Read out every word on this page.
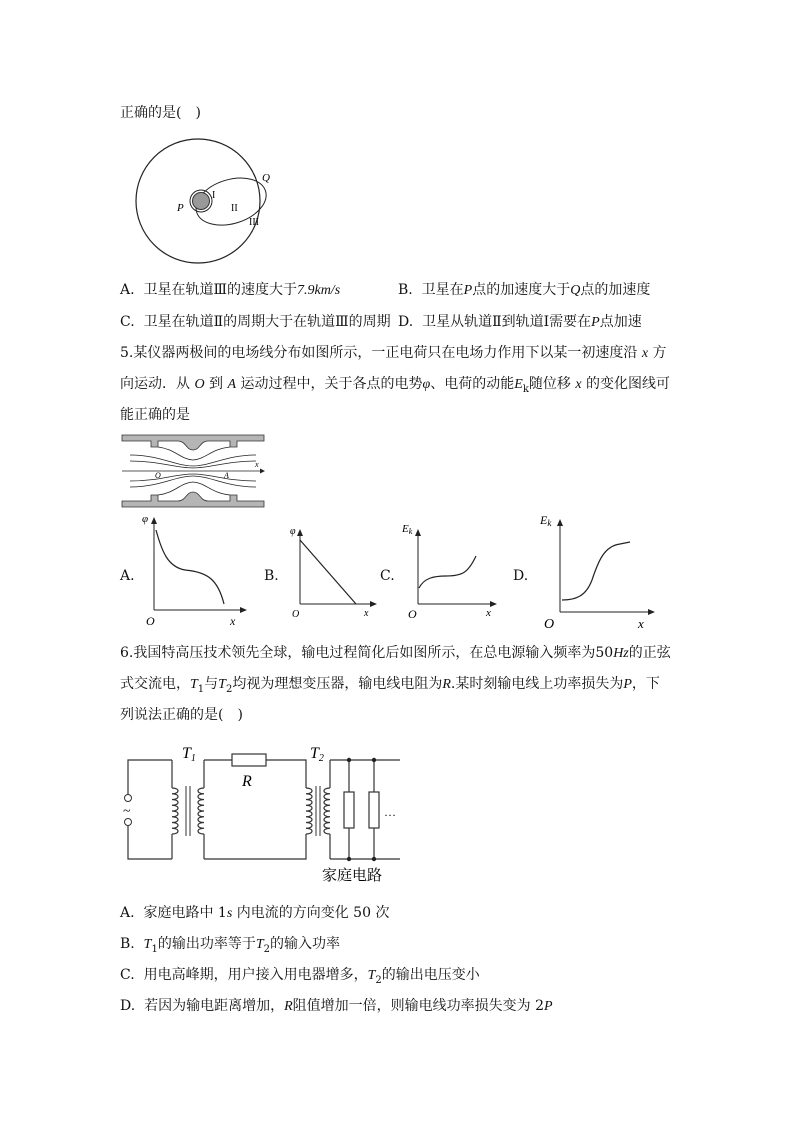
正确的是(　)
P
Q
I
II
III
A. 卫星在轨道Ⅲ的速度大于7.9km/s	B. 卫星在P点的加速度大于Q点的加速度
C. 卫星在轨道Ⅱ的周期大于在轨道Ⅲ的周期 D. 卫星从轨道Ⅱ到轨道Ⅰ需要在P点加速
5.某仪器两极间的电场线分布如图所示，一正电荷只在电场力作用下以某一初速度沿 x 方
向运动．从 O 到 A 运动过程中，关于各点的电势φ、电荷的动能$E_k$随位移 x 的变化图线可
能正确的是
O	A
x
A.
φ
O	x
B.
φ
O	x
C.
Ek
O	x
D.
Ek
O	x
6.我国特高压技术领先全球，输电过程简化后如图所示，在总电源输入频率为50Hz的正弦
式交流电，$T_1$与$T_2$均视为理想变压器，输电线电阻为R.某时刻输电线上功率损失为P，下
列说法正确的是(　)
~
T1	T2
R
…
家庭电路
A. 家庭电路中 1s 内电流的方向变化 50 次
B. $T_1$的输出功率等于$T_2$的输入功率
C. 用电高峰期，用户接入用电器增多，$T_2$的输出电压变小
D. 若因为输电距离增加，R阻值增加一倍，则输电线功率损失变为 2P
